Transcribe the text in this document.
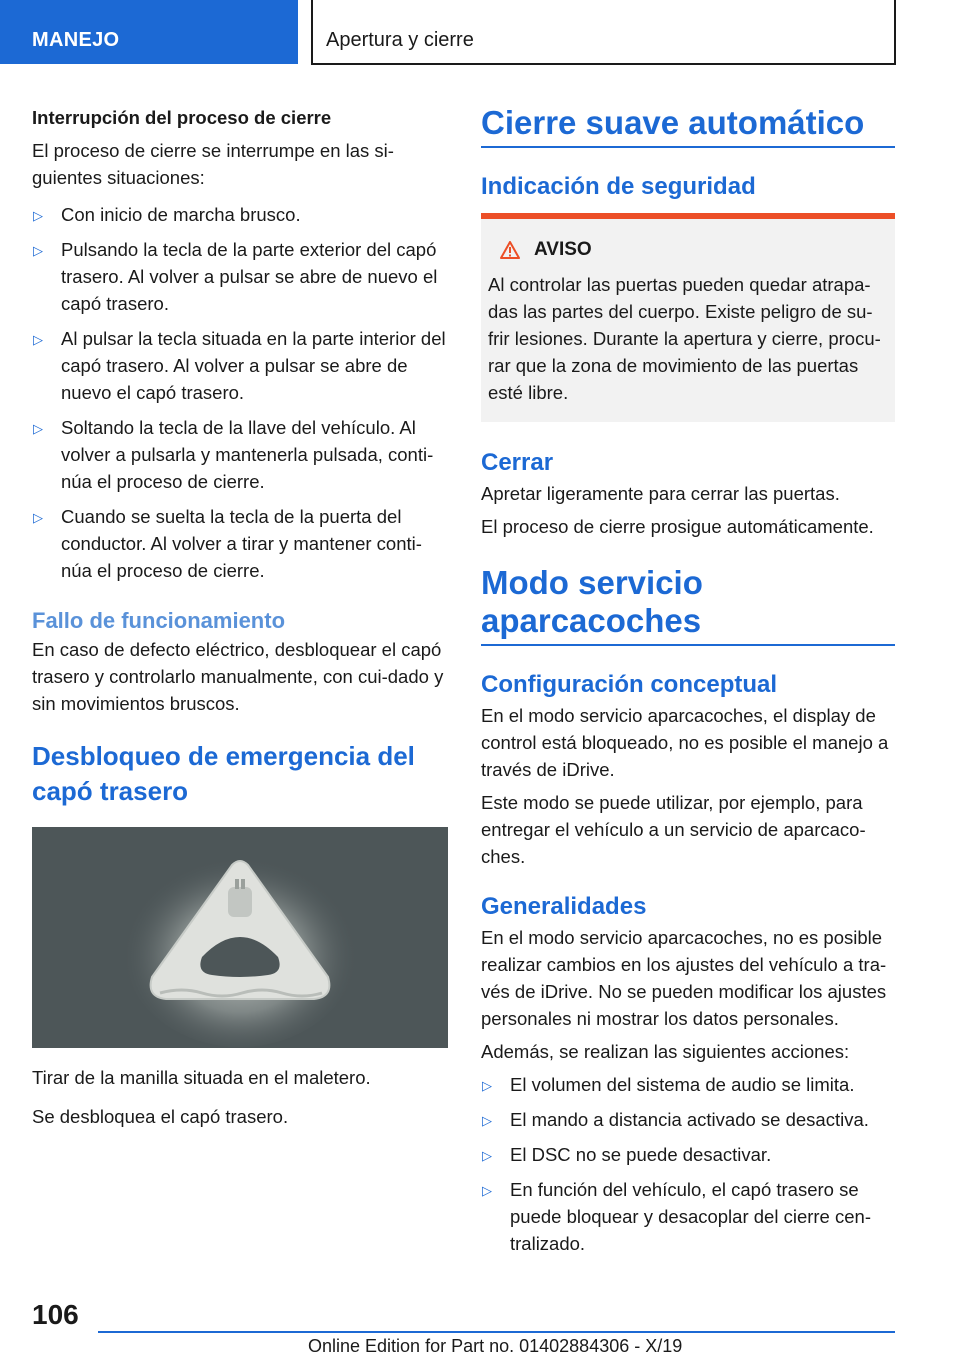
MANEJO	Apertura y cierre
Interrupción del proceso de cierre
El proceso de cierre se interrumpe en las si-guientes situaciones:
▷ Con inicio de marcha brusco.
▷ Pulsando la tecla de la parte exterior del capó trasero. Al volver a pulsar se abre de nuevo el capó trasero.
▷ Al pulsar la tecla situada en la parte interior del capó trasero. Al volver a pulsar se abre de nuevo el capó trasero.
▷ Soltando la tecla de la llave del vehículo. Al volver a pulsarla y mantenerla pulsada, conti-núa el proceso de cierre.
▷ Cuando se suelta la tecla de la puerta del conductor. Al volver a tirar y mantener conti-núa el proceso de cierre.
Fallo de funcionamiento
En caso de defecto eléctrico, desbloquear el capó trasero y controlarlo manualmente, con cui-dado y sin movimientos bruscos.
Desbloqueo de emergencia del capó trasero
Tirar de la manilla situada en el maletero.
Se desbloquea el capó trasero.
Cierre suave automático
Indicación de seguridad
AVISO
Al controlar las puertas pueden quedar atrapa-das las partes del cuerpo. Existe peligro de su-frir lesiones. Durante la apertura y cierre, procu-rar que la zona de movimiento de las puertas esté libre.
Cerrar
Apretar ligeramente para cerrar las puertas.
El proceso de cierre prosigue automáticamente.
Modo servicio aparcacoches
Configuración conceptual
En el modo servicio aparcacoches, el display de control está bloqueado, no es posible el manejo a través de iDrive.
Este modo se puede utilizar, por ejemplo, para entregar el vehículo a un servicio de aparcaco-ches.
Generalidades
En el modo servicio aparcacoches, no es posible realizar cambios en los ajustes del vehículo a tra-vés de iDrive. No se pueden modificar los ajustes personales ni mostrar los datos personales.
Además, se realizan las siguientes acciones:
▷ El volumen del sistema de audio se limita.
▷ El mando a distancia activado se desactiva.
▷ El DSC no se puede desactivar.
▷ En función del vehículo, el capó trasero se puede bloquear y desacoplar del cierre cen-tralizado.
106
Online Edition for Part no. 01402884306 - X/19
